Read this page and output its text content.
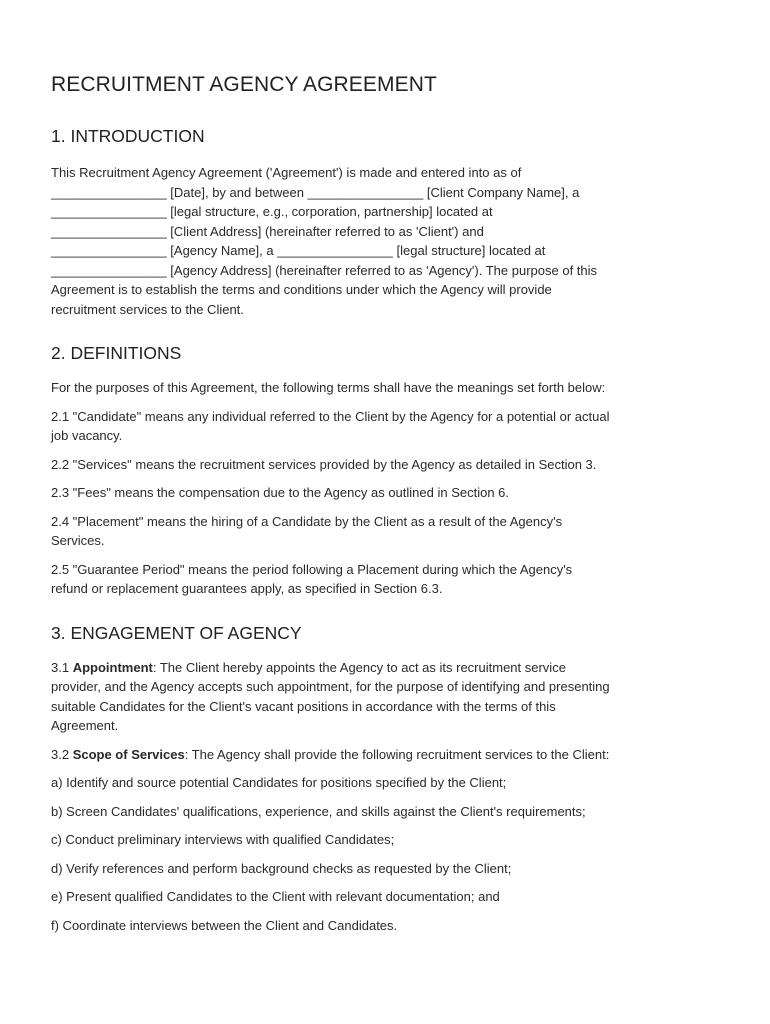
RECRUITMENT AGENCY AGREEMENT
1. INTRODUCTION

This Recruitment Agency Agreement ('Agreement') is made and entered into as of

________________ [Date], by and between ________________ [Client Company Name], a

________________ [legal structure, e.g., corporation, partnership] located at

________________ [Client Address] (hereinafter referred to as 'Client') and

________________ [Agency Name], a ________________ [legal structure] located at

________________ [Agency Address] (hereinafter referred to as 'Agency'). The purpose of this

Agreement is to establish the terms and conditions under which the Agency will provide

recruitment services to the Client.

2. DEFINITIONS

For the purposes of this Agreement, the following terms shall have the meanings set forth below:

2.1 "Candidate" means any individual referred to the Client by the Agency for a potential or actual

job vacancy.

2.2 "Services" means the recruitment services provided by the Agency as detailed in Section 3.

2.3 "Fees" means the compensation due to the Agency as outlined in Section 6.

2.4 "Placement" means the hiring of a Candidate by the Client as a result of the Agency's

Services.

2.5 "Guarantee Period" means the period following a Placement during which the Agency's

refund or replacement guarantees apply, as specified in Section 6.3.

3. ENGAGEMENT OF AGENCY

3.1 Appointment: The Client hereby appoints the Agency to act as its recruitment service

provider, and the Agency accepts such appointment, for the purpose of identifying and presenting

suitable Candidates for the Client's vacant positions in accordance with the terms of this

Agreement.

3.2 Scope of Services: The Agency shall provide the following recruitment services to the Client:

a) Identify and source potential Candidates for positions specified by the Client;

b) Screen Candidates' qualifications, experience, and skills against the Client's requirements;

c) Conduct preliminary interviews with qualified Candidates;

d) Verify references and perform background checks as requested by the Client;

e) Present qualified Candidates to the Client with relevant documentation; and

f) Coordinate interviews between the Client and Candidates.
